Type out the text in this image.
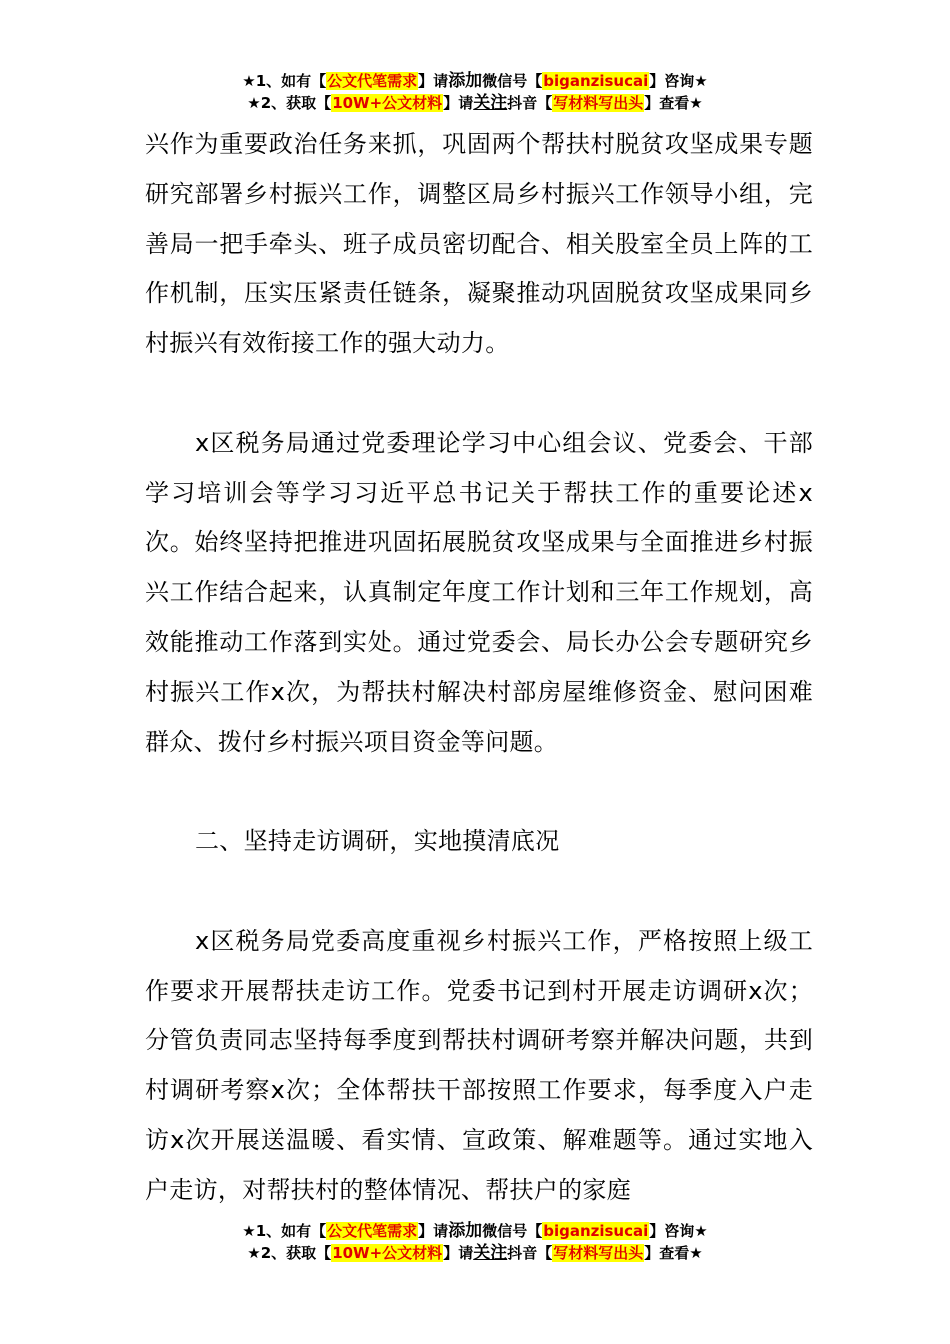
★1、如有【公文代笔需求】请添加微信号【biganzisucai】咨询★
★2、获取【10W+公文材料】请关注抖音【写材料写出头】查看★

兴作为重要政治任务来抓，巩固两个帮扶村脱贫攻坚成果专题研究部署乡村振兴工作，调整区局乡村振兴工作领导小组，完善局一把手牵头、班子成员密切配合、相关股室全员上阵的工作机制，压实压紧责任链条，凝聚推动巩固脱贫攻坚成果同乡村振兴有效衔接工作的强大动力。

x区税务局通过党委理论学习中心组会议、党委会、干部学习培训会等学习习近平总书记关于帮扶工作的重要论述x次。始终坚持把推进巩固拓展脱贫攻坚成果与全面推进乡村振兴工作结合起来，认真制定年度工作计划和三年工作规划，高效能推动工作落到实处。通过党委会、局长办公会专题研究乡村振兴工作x次，为帮扶村解决村部房屋维修资金、慰问困难群众、拨付乡村振兴项目资金等问题。

二、坚持走访调研，实地摸清底况

x区税务局党委高度重视乡村振兴工作，严格按照上级工作要求开展帮扶走访工作。党委书记到村开展走访调研x次；分管负责同志坚持每季度到帮扶村调研考察并解决问题，共到村调研考察x次；全体帮扶干部按照工作要求，每季度入户走访x次开展送温暖、看实情、宣政策、解难题等。通过实地入户走访，对帮扶村的整体情况、帮扶户的家庭

★1、如有【公文代笔需求】请添加微信号【biganzisucai】咨询★
★2、获取【10W+公文材料】请关注抖音【写材料写出头】查看★
